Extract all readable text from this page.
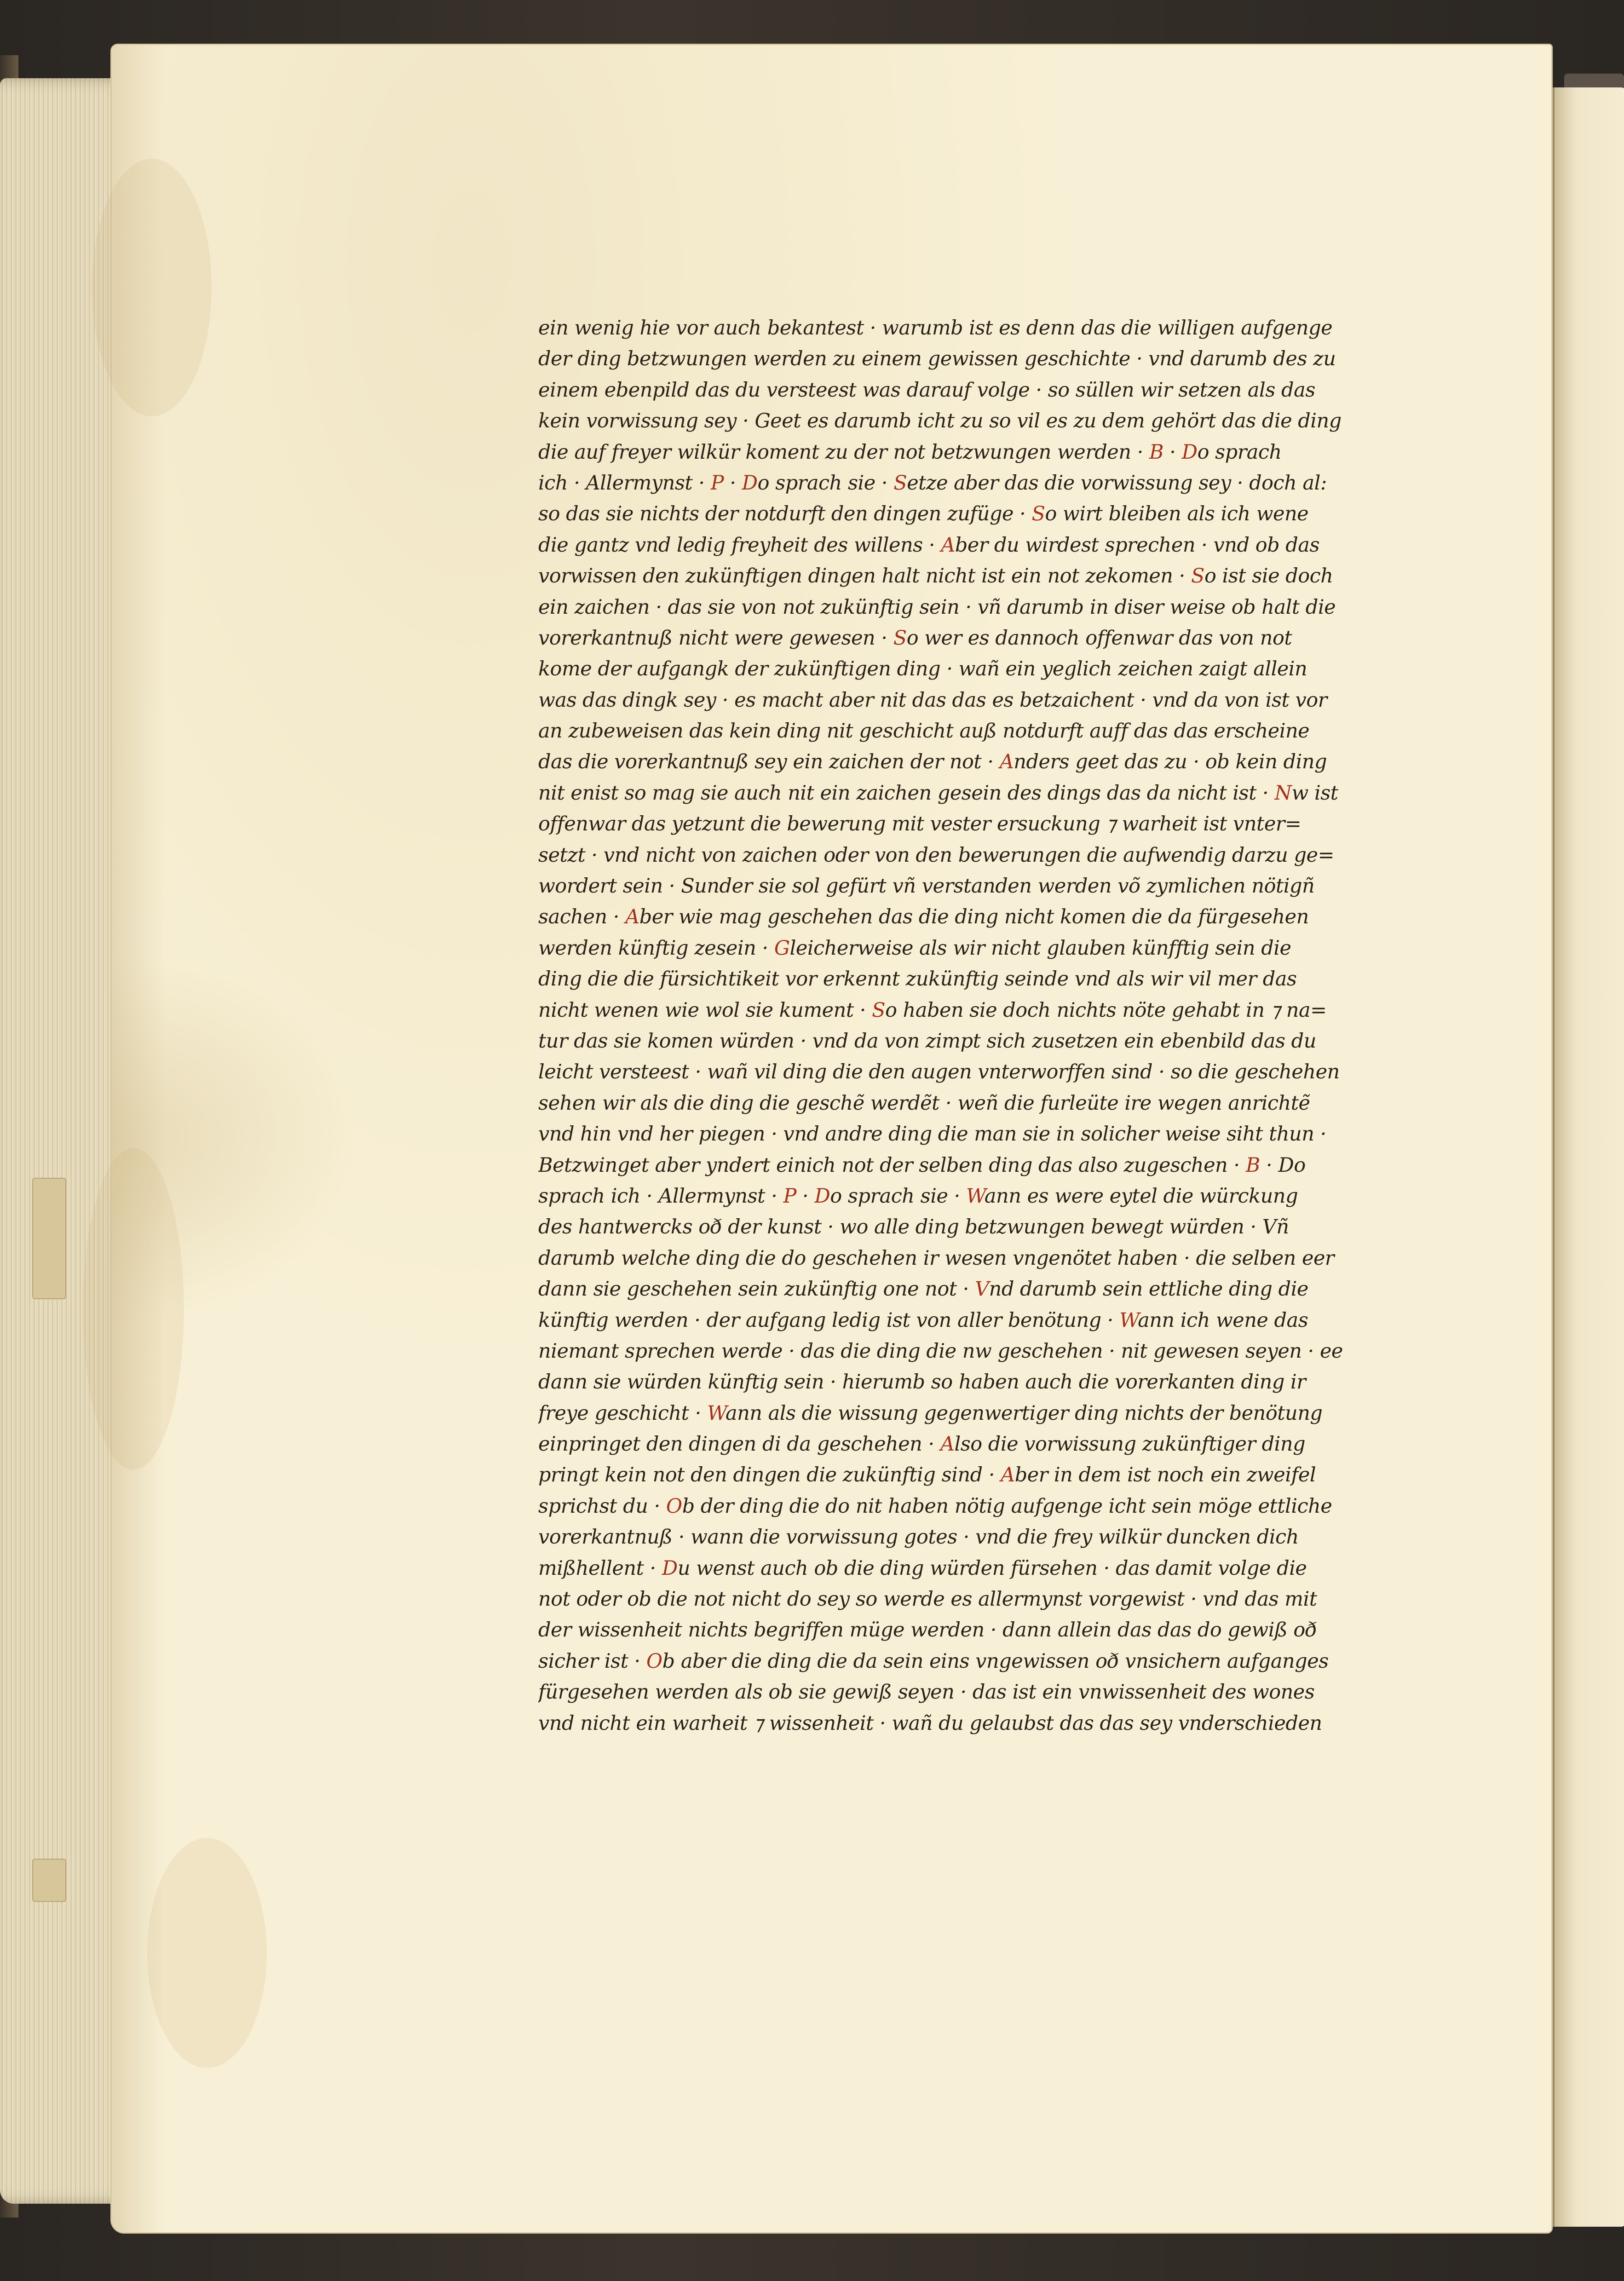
ein wenig hie vor auch bekantest · warumb ist es denn das die willigen aufgenge
der ding betzwungen werden zu einem gewissen geschichte · vnd darumb des zu
einem ebenpild das du versteest was darauf volge · so süllen wir setzen als das
kein vorwissung sey · Geet es darumb icht zu so vil es zu dem gehört das die ding
die auf freyer wilkür koment zu der not betzwungen werden · B · Do sprach
ich · Allermynst · P · Do sprach sie · Setze aber das die vorwissung sey · doch al:
so das sie nichts der notdurft den dingen zufüge · So wirt bleiben als ich wene
die gantz vnd ledig freyheit des willens · Aber du wirdest sprechen · vnd ob das
vorwissen den zukünftigen dingen halt nicht ist ein not zekomen · So ist sie doch
ein zaichen · das sie von not zukünftig sein · vñ darumb in diser weise ob halt die
vorerkantnuß nicht were gewesen · So wer es dannoch offenwar das von not
kome der aufgangk der zukünftigen ding · wañ ein yeglich zeichen zaigt allein
was das dingk sey · es macht aber nit das das es betzaichent · vnd da von ist vor
an zubeweisen das kein ding nit geschicht auß notdurft auff das das erscheine
das die vorerkantnuß sey ein zaichen der not · Anders geet das zu · ob kein ding
nit enist so mag sie auch nit ein zaichen gesein des dings das da nicht ist · Nw ist
offenwar das yetzunt die bewerung mit vester ersuckung ⁊ warheit ist vnter=
setzt · vnd nicht von zaichen oder von den bewerungen die aufwendig darzu ge=
wordert sein · Sunder sie sol gefürt vñ verstanden werden võ zymlichen nötigñ
sachen · Aber wie mag geschehen das die ding nicht komen die da fürgesehen
werden künftig zesein · Gleicherweise als wir nicht glauben künfftig sein die
ding die die fürsichtikeit vor erkennt zukünftig seinde vnd als wir vil mer das
nicht wenen wie wol sie kument · So haben sie doch nichts nöte gehabt in ⁊ na=
tur das sie komen würden · vnd da von zimpt sich zusetzen ein ebenbild das du
leicht versteest · wañ vil ding die den augen vnterworffen sind · so die geschehen
sehen wir als die ding die geschẽ werdẽt · weñ die furleüte ire wegen anrichtẽ
vnd hin vnd her piegen · vnd andre ding die man sie in solicher weise siht thun ·
Betzwinget aber yndert einich not der selben ding das also zugeschen · B · Do
sprach ich · Allermynst · P · Do sprach sie · Wann es were eytel die würckung
des hantwercks oð der kunst · wo alle ding betzwungen bewegt würden · Vñ
darumb welche ding die do geschehen ir wesen vngenötet haben · die selben eer
dann sie geschehen sein zukünftig one not · Vnd darumb sein ettliche ding die
künftig werden · der aufgang ledig ist von aller benötung · Wann ich wene das
niemant sprechen werde · das die ding die nw geschehen · nit gewesen seyen · ee
dann sie würden künftig sein · hierumb so haben auch die vorerkanten ding ir
freye geschicht · Wann als die wissung gegenwertiger ding nichts der benötung
einpringet den dingen di da geschehen · Also die vorwissung zukünftiger ding
pringt kein not den dingen die zukünftig sind · Aber in dem ist noch ein zweifel
sprichst du · Ob der ding die do nit haben nötig aufgenge icht sein möge ettliche
vorerkantnuß · wann die vorwissung gotes · vnd die frey wilkür duncken dich
mißhellent · Du wenst auch ob die ding würden fürsehen · das damit volge die
not oder ob die not nicht do sey so werde es allermynst vorgewist · vnd das mit
der wissenheit nichts begriffen müge werden · dann allein das das do gewiß oð
sicher ist · Ob aber die ding die da sein eins vngewissen oð vnsichern aufganges
fürgesehen werden als ob sie gewiß seyen · das ist ein vnwissenheit des wones
vnd nicht ein warheit ⁊ wissenheit · wañ du gelaubst das das sey vnderschieden
